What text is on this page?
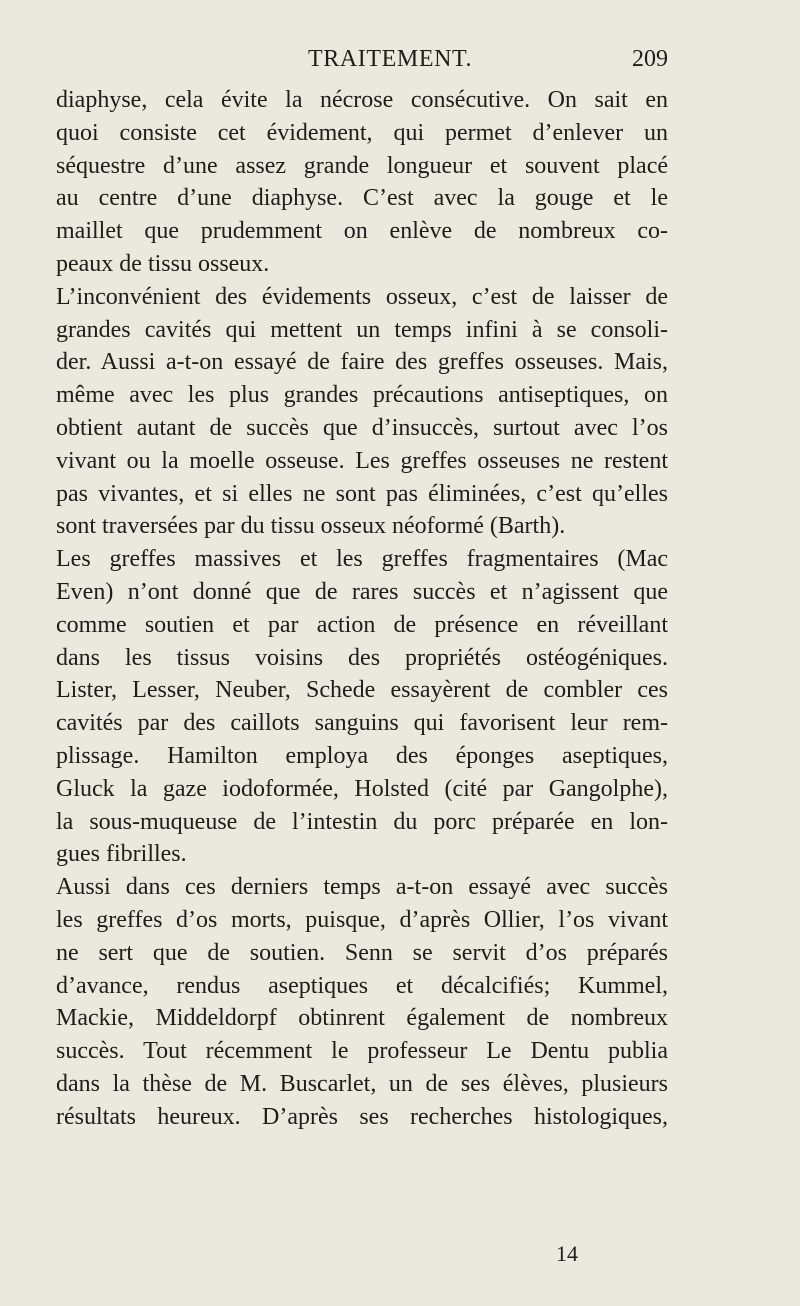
TRAITEMENT.	209
diaphyse, cela évite la nécrose consécutive. On sait en
quoi consiste cet évidement, qui permet d’enlever un
séquestre d’une assez grande longueur et souvent placé
au centre d’une diaphyse. C’est avec la gouge et le
maillet que prudemment on enlève de nombreux co-
peaux de tissu osseux.
L’inconvénient des évidements osseux, c’est de laisser de
grandes cavités qui mettent un temps infini à se consoli-
der. Aussi a-t-on essayé de faire des greffes osseuses. Mais,
même avec les plus grandes précautions antiseptiques, on
obtient autant de succès que d’insuccès, surtout avec l’os
vivant ou la moelle osseuse. Les greffes osseuses ne restent
pas vivantes, et si elles ne sont pas éliminées, c’est qu’elles
sont traversées par du tissu osseux néoformé (Barth).
Les greffes massives et les greffes fragmentaires (Mac
Even) n’ont donné que de rares succès et n’agissent que
comme soutien et par action de présence en réveillant
dans les tissus voisins des propriétés ostéogéniques.
Lister, Lesser, Neuber, Schede essayèrent de combler ces
cavités par des caillots sanguins qui favorisent leur rem-
plissage. Hamilton employa des éponges aseptiques,
Gluck la gaze iodoformée, Holsted (cité par Gangolphe),
la sous-muqueuse de l’intestin du porc préparée en lon-
gues fibrilles.
Aussi dans ces derniers temps a-t-on essayé avec succès
les greffes d’os morts, puisque, d’après Ollier, l’os vivant
ne sert que de soutien. Senn se servit d’os préparés
d’avance, rendus aseptiques et décalcifiés; Kummel,
Mackie, Middeldorpf obtinrent également de nombreux
succès. Tout récemment le professeur Le Dentu publia
dans la thèse de M. Buscarlet, un de ses élèves, plusieurs
résultats heureux. D’après ses recherches histologiques,
14
